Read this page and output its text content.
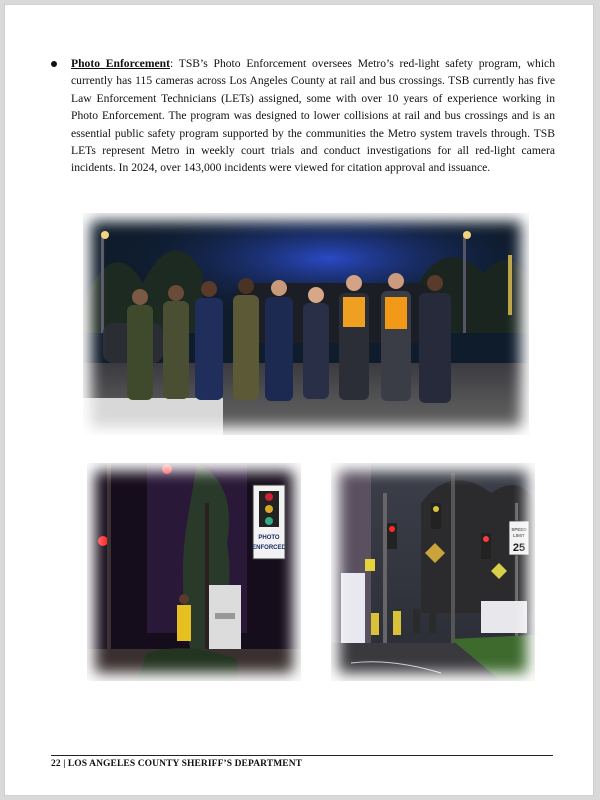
Photo Enforcement: TSB’s Photo Enforcement oversees Metro’s red-light safety program, which currently has 115 cameras across Los Angeles County at rail and bus crossings. TSB currently has five Law Enforcement Technicians (LETs) assigned, some with over 10 years of experience working in Photo Enforcement. The program was designed to lower collisions at rail and bus crossings and is an essential public safety program supported by the communities the Metro system travels through. TSB LETs represent Metro in weekly court trials and conduct investigations for all red-light camera incidents. In 2024, over 143,000 incidents were viewed for citation approval and issuance.
PHOTO
ENFORCED
SPEED
LIMIT
25
22 | LOS ANGELES COUNTY SHERIFF’S DEPARTMENT
